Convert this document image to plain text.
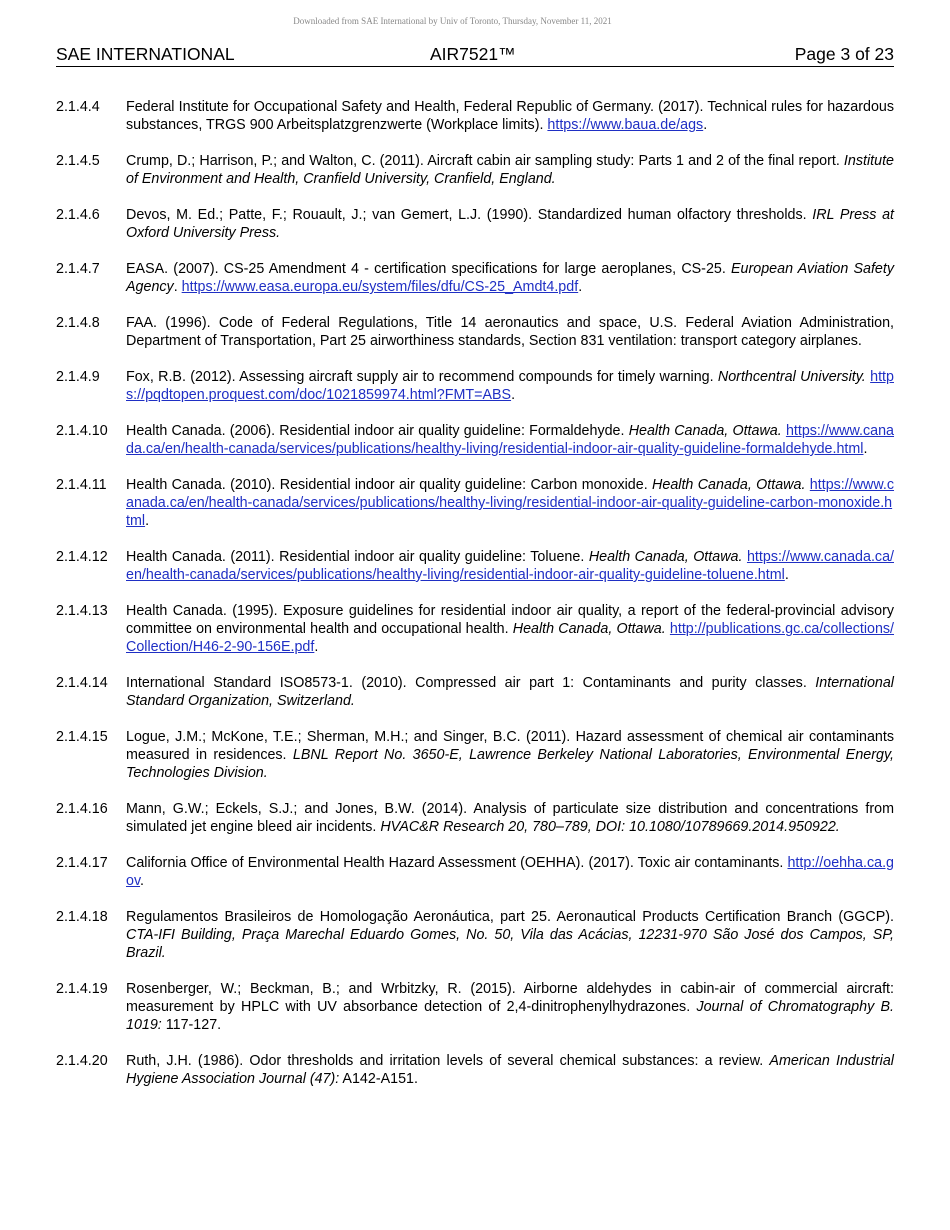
Downloaded from SAE International by Univ of Toronto, Thursday, November 11, 2021
SAE INTERNATIONAL	AIR7521™	Page 3 of 23
2.1.4.4 Federal Institute for Occupational Safety and Health, Federal Republic of Germany. (2017). Technical rules for hazardous substances, TRGS 900 Arbeitsplatzgrenzwerte (Workplace limits). https://www.baua.de/ags.
2.1.4.5 Crump, D.; Harrison, P.; and Walton, C. (2011). Aircraft cabin air sampling study: Parts 1 and 2 of the final report. Institute of Environment and Health, Cranfield University, Cranfield, England.
2.1.4.6 Devos, M. Ed.; Patte, F.; Rouault, J.; van Gemert, L.J. (1990). Standardized human olfactory thresholds. IRL Press at Oxford University Press.
2.1.4.7 EASA. (2007). CS-25 Amendment 4 - certification specifications for large aeroplanes, CS-25. European Aviation Safety Agency. https://www.easa.europa.eu/system/files/dfu/CS-25_Amdt4.pdf.
2.1.4.8 FAA. (1996). Code of Federal Regulations, Title 14 aeronautics and space, U.S. Federal Aviation Administration, Department of Transportation, Part 25 airworthiness standards, Section 831 ventilation: transport category airplanes.
2.1.4.9 Fox, R.B. (2012). Assessing aircraft supply air to recommend compounds for timely warning. Northcentral University. https://pqdtopen.proquest.com/doc/1021859974.html?FMT=ABS.
2.1.4.10 Health Canada. (2006). Residential indoor air quality guideline: Formaldehyde. Health Canada, Ottawa. https://www.canada.ca/en/health-canada/services/publications/healthy-living/residential-indoor-air-quality-guideline-formaldehyde.html.
2.1.4.11 Health Canada. (2010). Residential indoor air quality guideline: Carbon monoxide. Health Canada, Ottawa. https://www.canada.ca/en/health-canada/services/publications/healthy-living/residential-indoor-air-quality-guideline-carbon-monoxide.html.
2.1.4.12 Health Canada. (2011). Residential indoor air quality guideline: Toluene. Health Canada, Ottawa. https://www.canada.ca/en/health-canada/services/publications/healthy-living/residential-indoor-air-quality-guideline-toluene.html.
2.1.4.13 Health Canada. (1995). Exposure guidelines for residential indoor air quality, a report of the federal-provincial advisory committee on environmental health and occupational health. Health Canada, Ottawa. http://publications.gc.ca/collections/Collection/H46-2-90-156E.pdf.
2.1.4.14 International Standard ISO8573-1. (2010). Compressed air part 1: Contaminants and purity classes. International Standard Organization, Switzerland.
2.1.4.15 Logue, J.M.; McKone, T.E.; Sherman, M.H.; and Singer, B.C. (2011). Hazard assessment of chemical air contaminants measured in residences. LBNL Report No. 3650-E, Lawrence Berkeley National Laboratories, Environmental Energy, Technologies Division.
2.1.4.16 Mann, G.W.; Eckels, S.J.; and Jones, B.W. (2014). Analysis of particulate size distribution and concentrations from simulated jet engine bleed air incidents. HVAC&R Research 20, 780–789, DOI: 10.1080/10789669.2014.950922.
2.1.4.17 California Office of Environmental Health Hazard Assessment (OEHHA). (2017). Toxic air contaminants. http://oehha.ca.gov.
2.1.4.18 Regulamentos Brasileiros de Homologação Aeronáutica, part 25. Aeronautical Products Certification Branch (GGCP). CTA-IFI Building, Praça Marechal Eduardo Gomes, No. 50, Vila das Acácias, 12231-970 São José dos Campos, SP, Brazil.
2.1.4.19 Rosenberger, W.; Beckman, B.; and Wrbitzky, R. (2015). Airborne aldehydes in cabin-air of commercial aircraft: measurement by HPLC with UV absorbance detection of 2,4-dinitrophenylhydrazones. Journal of Chromatography B. 1019: 117-127.
2.1.4.20 Ruth, J.H. (1986). Odor thresholds and irritation levels of several chemical substances: a review. American Industrial Hygiene Association Journal (47): A142-A151.
